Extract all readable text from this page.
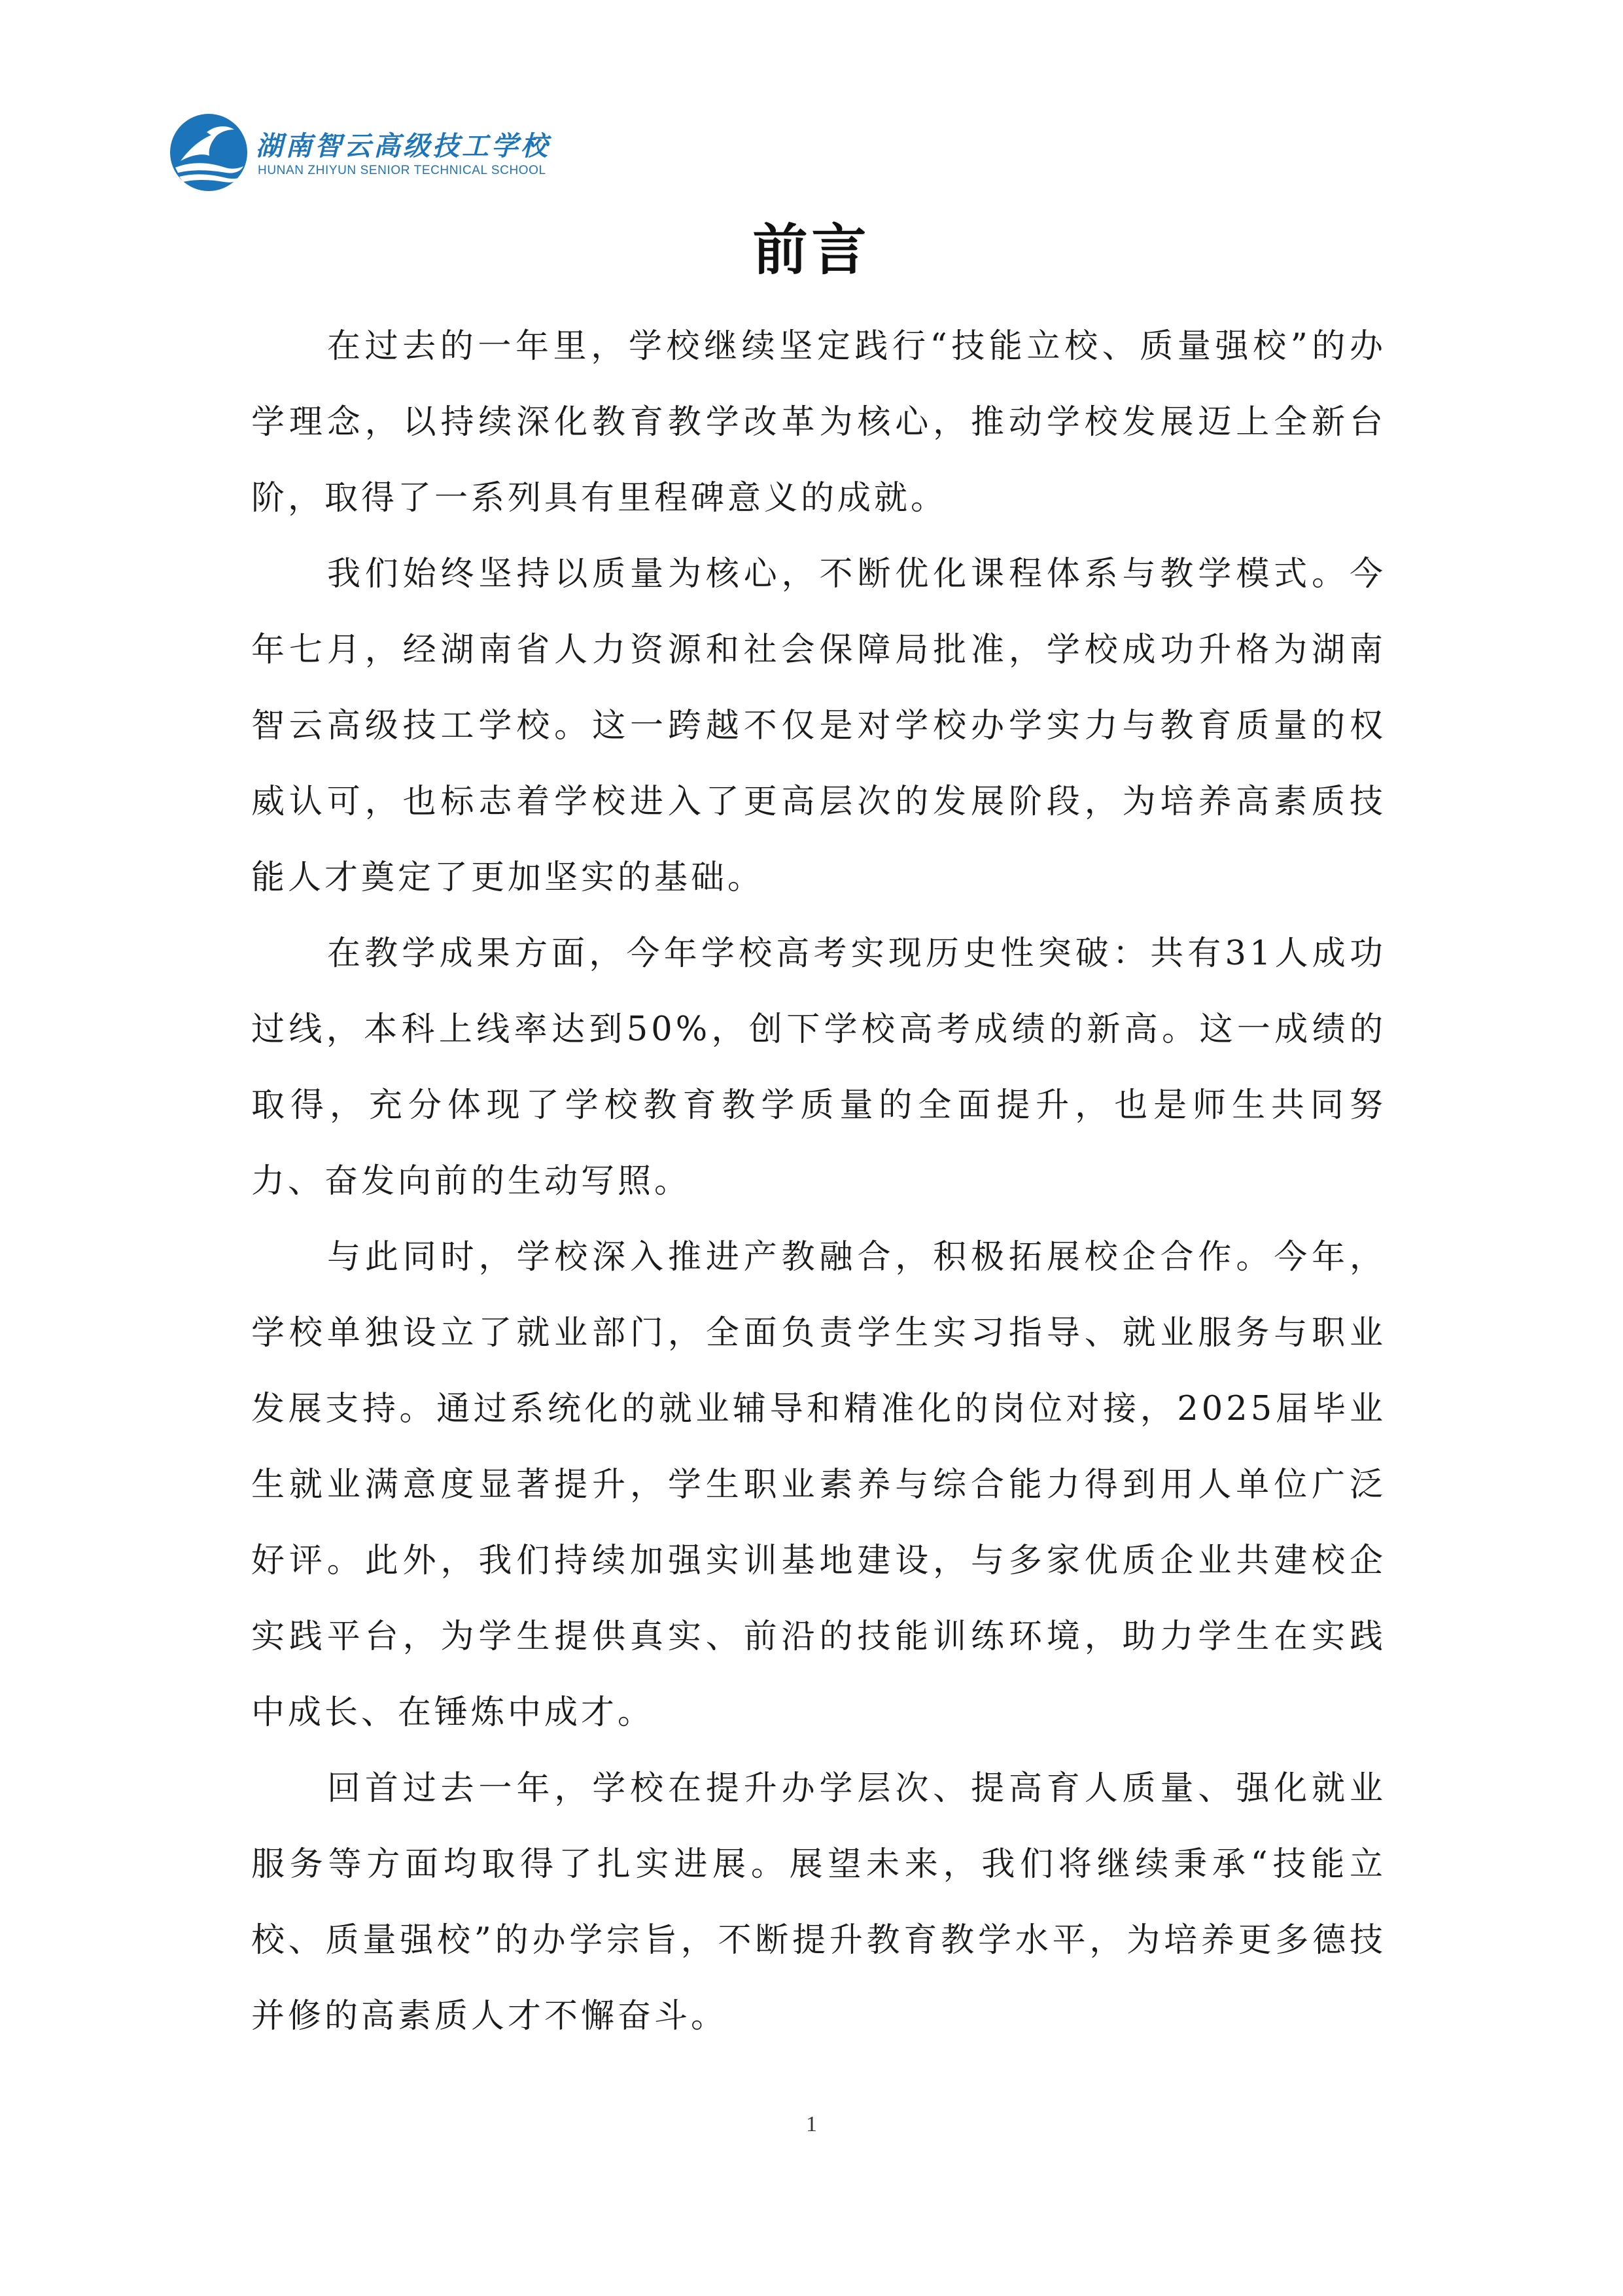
湖南智云高级技工学校
HUNAN ZHIYUN SENIOR TECHNICAL SCHOOL
前言

在过去的一年里，学校继续坚定践行“技能立校、质量强校”的办学理念，以持续深化教育教学改革为核心，推动学校发展迈上全新台阶，取得了一系列具有里程碑意义的成就。

我们始终坚持以质量为核心，不断优化课程体系与教学模式。今年七月，经湖南省人力资源和社会保障局批准，学校成功升格为湖南智云高级技工学校。这一跨越不仅是对学校办学实力与教育质量的权威认可，也标志着学校进入了更高层次的发展阶段，为培养高素质技能人才奠定了更加坚实的基础。

在教学成果方面，今年学校高考实现历史性突破：共有31人成功过线，本科上线率达到50%，创下学校高考成绩的新高。这一成绩的取得，充分体现了学校教育教学质量的全面提升，也是师生共同努力、奋发向前的生动写照。

与此同时，学校深入推进产教融合，积极拓展校企合作。今年，学校单独设立了就业部门，全面负责学生实习指导、就业服务与职业发展支持。通过系统化的就业辅导和精准化的岗位对接，2025届毕业生就业满意度显著提升，学生职业素养与综合能力得到用人单位广泛好评。此外，我们持续加强实训基地建设，与多家优质企业共建校企实践平台，为学生提供真实、前沿的技能训练环境，助力学生在实践中成长、在锤炼中成才。

回首过去一年，学校在提升办学层次、提高育人质量、强化就业服务等方面均取得了扎实进展。展望未来，我们将继续秉承“技能立校、质量强校”的办学宗旨，不断提升教育教学水平，为培养更多德技并修的高素质人才不懈奋斗。

1
